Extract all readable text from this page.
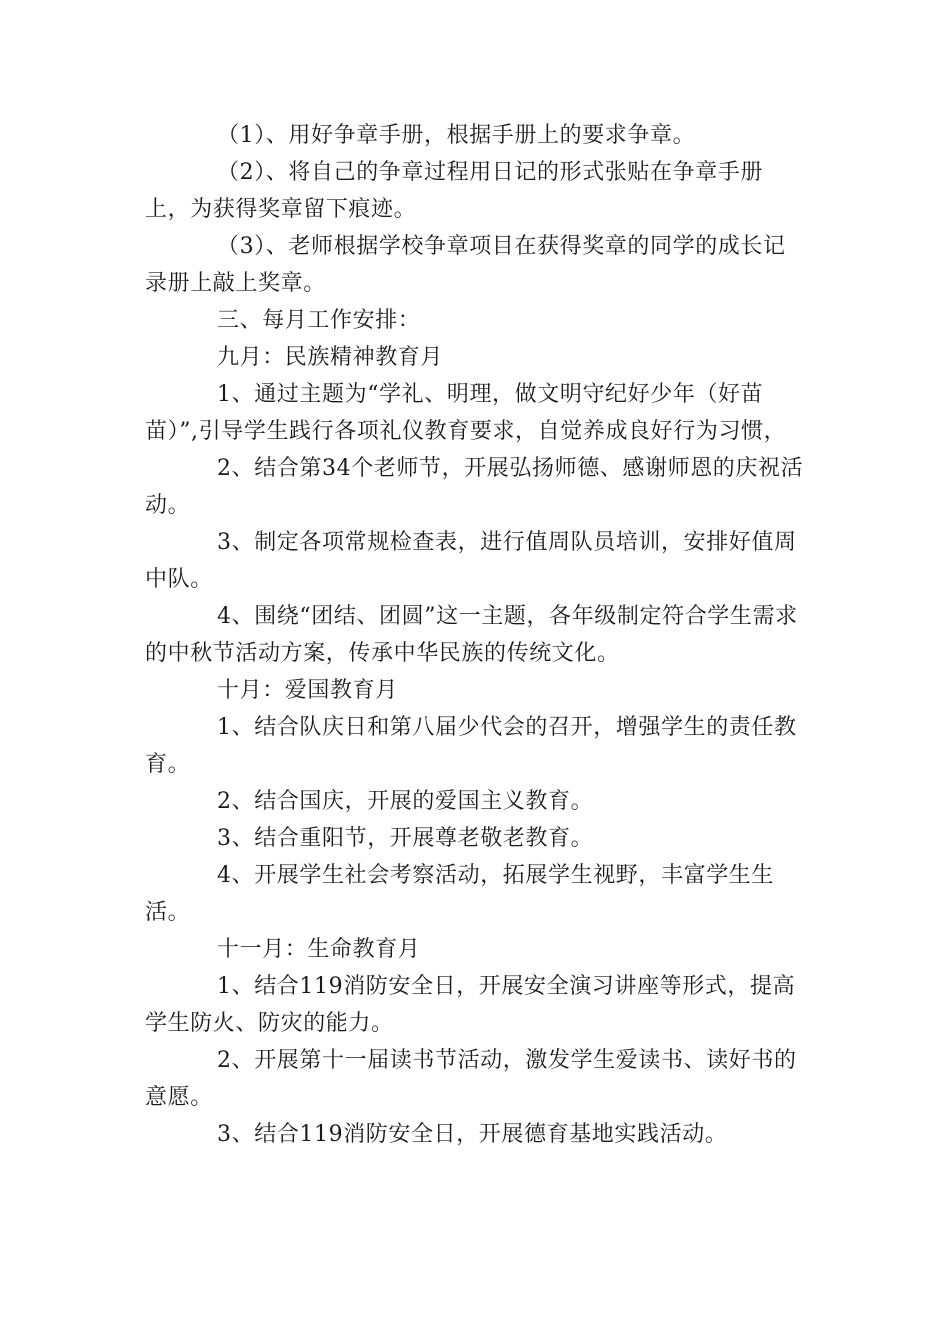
（1）、用好争章手册，根据手册上的要求争章。

（2）、将自己的争章过程用日记的形式张贴在争章手册上，为获得奖章留下痕迹。

（3）、老师根据学校争章项目在获得奖章的同学的成长记录册上敲上奖章。

三、每月工作安排：

九月：民族精神教育月

1、通过主题为“学礼、明理，做文明守纪好少年（好苗苗）”,引导学生践行各项礼仪教育要求，自觉养成良好行为习惯，

2、结合第34个老师节，开展弘扬师德、感谢师恩的庆祝活动。

3、制定各项常规检查表，进行值周队员培训，安排好值周中队。

4、围绕“团结、团圆”这一主题，各年级制定符合学生需求的中秋节活动方案，传承中华民族的传统文化。

十月：爱国教育月

1、结合队庆日和第八届少代会的召开，增强学生的责任教育。

2、结合国庆，开展的爱国主义教育。

3、结合重阳节，开展尊老敬老教育。

4、开展学生社会考察活动，拓展学生视野，丰富学生生活。

十一月：生命教育月

1、结合119消防安全日，开展安全演习讲座等形式，提高学生防火、防灾的能力。

2、开展第十一届读书节活动，激发学生爱读书、读好书的意愿。

3、结合119消防安全日，开展德育基地实践活动。
